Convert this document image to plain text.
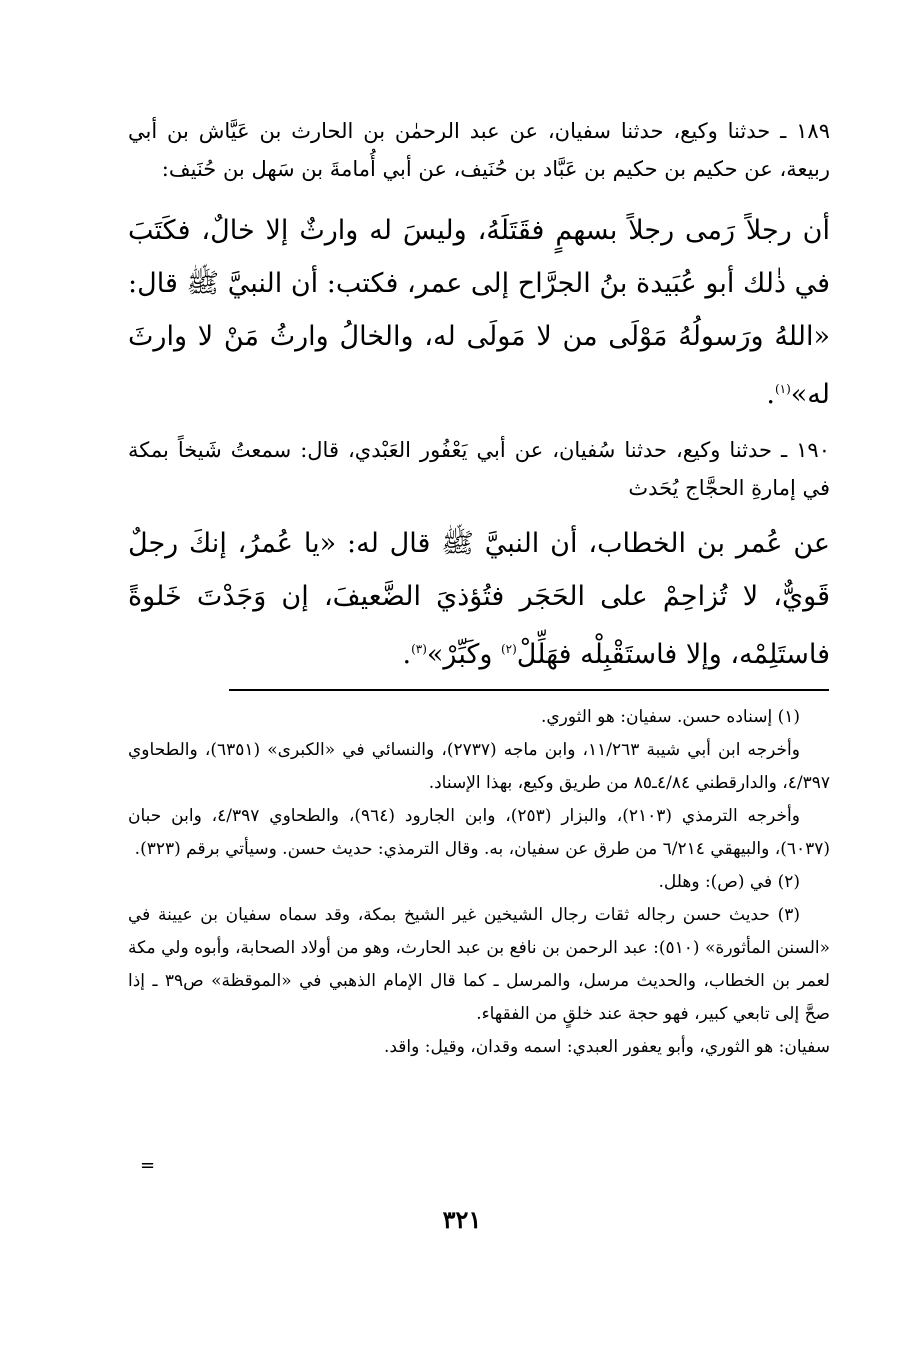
١٨٩ ـ حدثنا وكيع، حدثنا سفيان، عن عبد الرحمٰن بن الحارث بن عَيَّاش بن أبي ربيعة، عن حكيم بن حكيم بن عَبَّاد بن حُنَيف، عن أبي أُمامةَ بن سَهل بن حُنَيف:

أن رجلاً رَمى رجلاً بسهمٍ فقَتَلَهُ، وليسَ له وارثٌ إلا خالٌ، فكَتَبَ في ذٰلك أبو عُبَيدة بنُ الجرَّاح إلى عمر، فكتب: أن النبيَّ ﷺ قال: «اللهُ ورَسولُهُ مَوْلَى من لا مَولَى له، والخالُ وارثُ مَنْ لا وارثَ له»$^{(١)}$.

١٩٠ ـ حدثنا وكيع، حدثنا سُفيان، عن أبي يَعْفُور العَبْدي، قال: سمعتُ شَيخاً بمكة في إمارةِ الحجَّاج يُحَدث

عن عُمر بن الخطاب، أن النبيَّ ﷺ قال له: «يا عُمرُ، إنكَ رجلٌ قَويٌّ، لا تُزاحِمْ على الحَجَر فتُؤذيَ الضَّعيفَ، إن وَجَدْتَ خَلوةً فاستَلِمْه، وإلا فاستَقْبِلْه فهَلِّلْ$^{(٢)}$ وكَبِّرْ»$^{(٣)}$.

(١) إسناده حسن. سفيان: هو الثوري.

وأخرجه ابن أبي شيبة ١١/٢٦٣، وابن ماجه (٢٧٣٧)، والنسائي في «الكبرى» (٦٣٥١)، والطحاوي ٤/٣٩٧، والدارقطني ٤/٨٤ـ٨٥ من طريق وكيع، بهذا الإسناد.

وأخرجه الترمذي (٢١٠٣)، والبزار (٢٥٣)، وابن الجارود (٩٦٤)، والطحاوي ٤/٣٩٧، وابن حبان (٦٠٣٧)، والبيهقي ٦/٢١٤ من طرق عن سفيان، به. وقال الترمذي: حديث حسن. وسيأتي برقم (٣٢٣).

(٢) في (ص): وهلل.

(٣) حديث حسن رجاله ثقات رجال الشيخين غير الشيخ بمكة، وقد سماه سفيان بن عيينة في «السنن المأثورة» (٥١٠): عبد الرحمن بن نافع بن عبد الحارث، وهو من أولاد الصحابة، وأبوه ولي مكة لعمر بن الخطاب، والحديث مرسل، والمرسل ـ كما قال الإمام الذهبي في «الموقظة» ص٣٩ ـ إذا صحَّ إلى تابعي كبير، فهو حجة عند خلقٍ من الفقهاء.

سفيان: هو الثوري، وأبو يعفور العبدي: اسمه وقدان، وقيل: واقد.

=
٣٢١
